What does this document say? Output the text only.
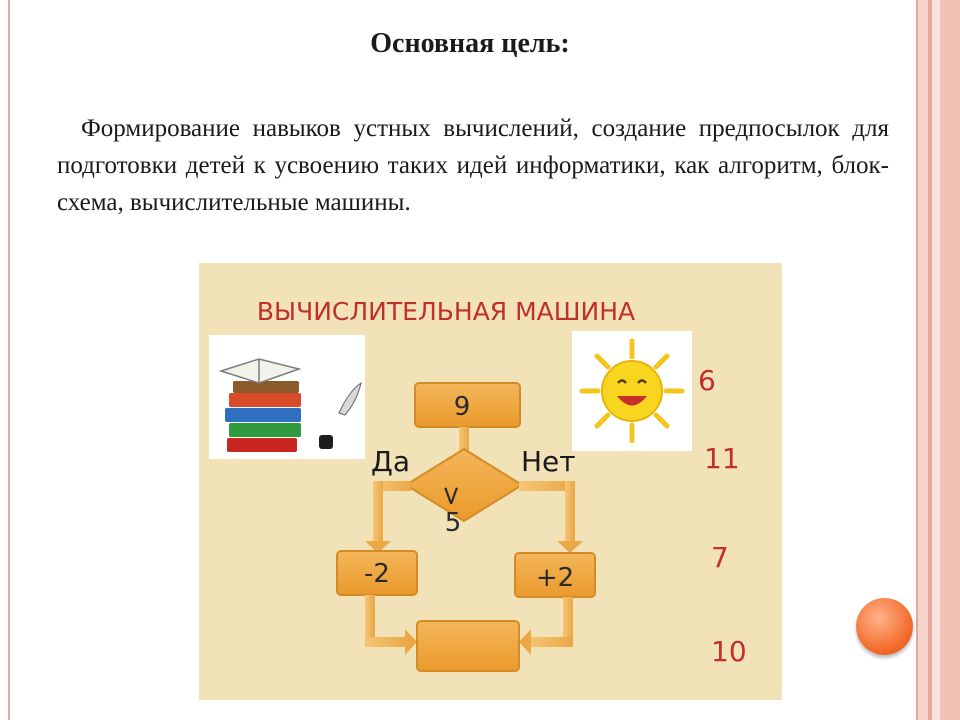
Основная цель:
Формирование навыков устных вычислений, создание предпосылок для подготовки детей к усвоению таких идей информатики, как алгоритм, блок-схема, вычислительные машины.
ВЫЧИСЛИТЕЛЬНАЯ МАШИНА
9
>
5
Да	Нет
-2	+2
6
11
7
10
